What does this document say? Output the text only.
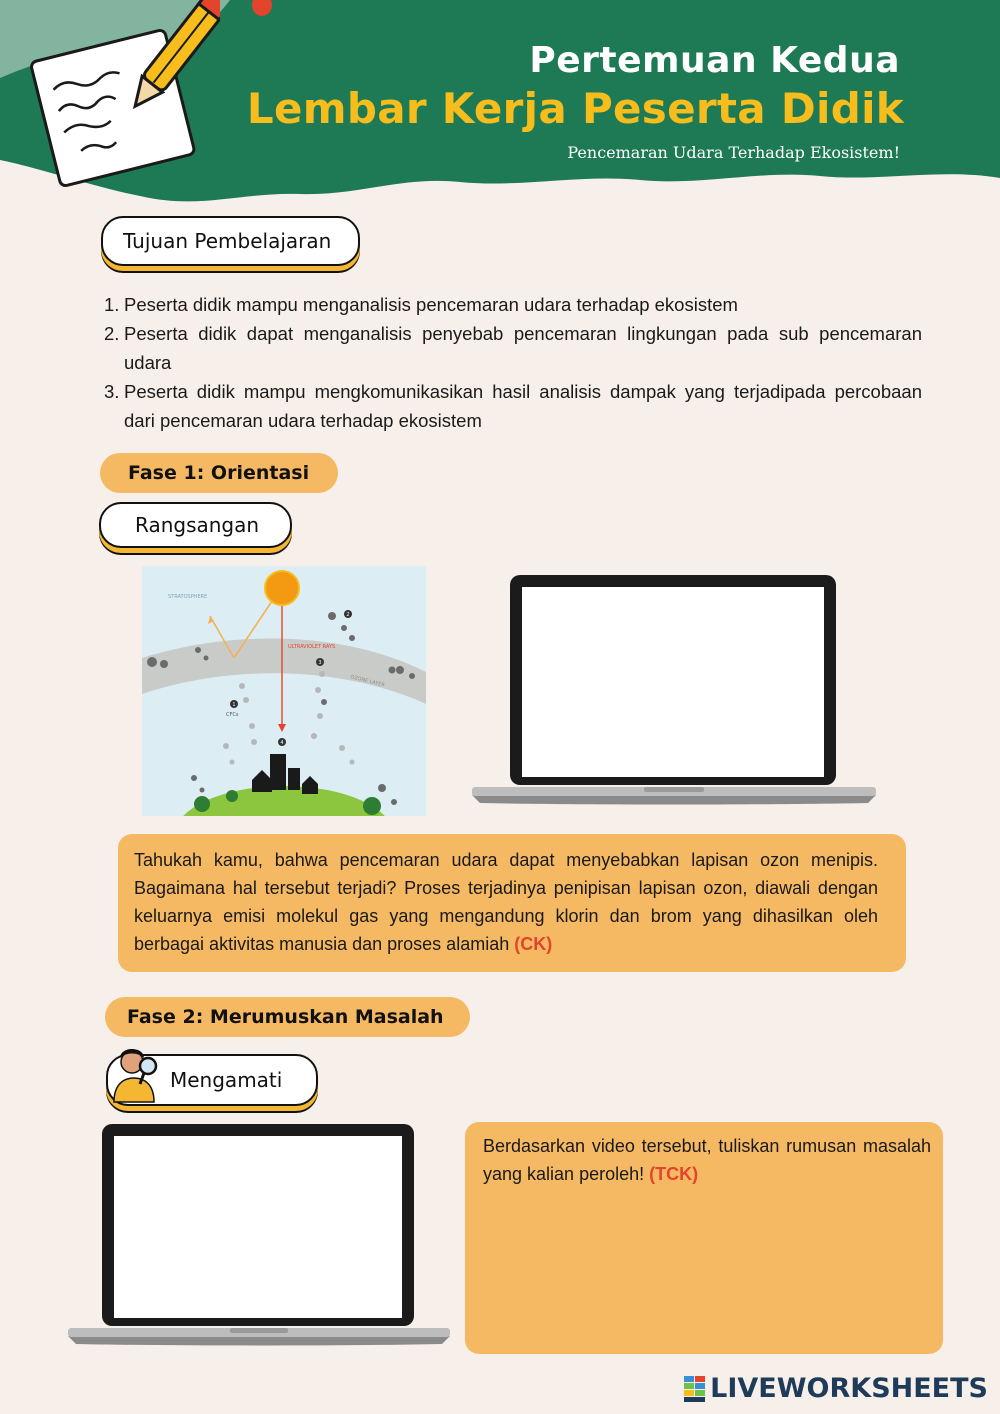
Pertemuan Kedua
Lembar Kerja Peserta Didik
Pencemaran Udara Terhadap Ekosistem!
Tujuan Pembelajaran
1. Peserta didik mampu menganalisis pencemaran udara terhadap ekosistem
2. Peserta didik dapat menganalisis penyebab pencemaran lingkungan pada sub pencemaran udara
3. Peserta didik mampu mengkomunikasikan hasil analisis dampak yang terjadipada percobaan dari pencemaran udara terhadap ekosistem
Fase 1: Orientasi
Rangsangan
STRATOSPHERE
ULTRAVIOLET RAYS
OZONE LAYER
CFCs
1
2
3
4
Tahukah kamu, bahwa pencemaran udara dapat menyebabkan lapisan ozon menipis. Bagaimana hal tersebut terjadi? Proses terjadinya penipisan lapisan ozon, diawali dengan keluarnya emisi molekul gas yang mengandung klorin dan brom yang dihasilkan oleh berbagai aktivitas manusia dan proses alamiah (CK)
Fase 2: Merumuskan Masalah
Mengamati
Berdasarkan video tersebut, tuliskan rumusan masalah yang kalian peroleh! (TCK)
LIVEWORKSHEETS
